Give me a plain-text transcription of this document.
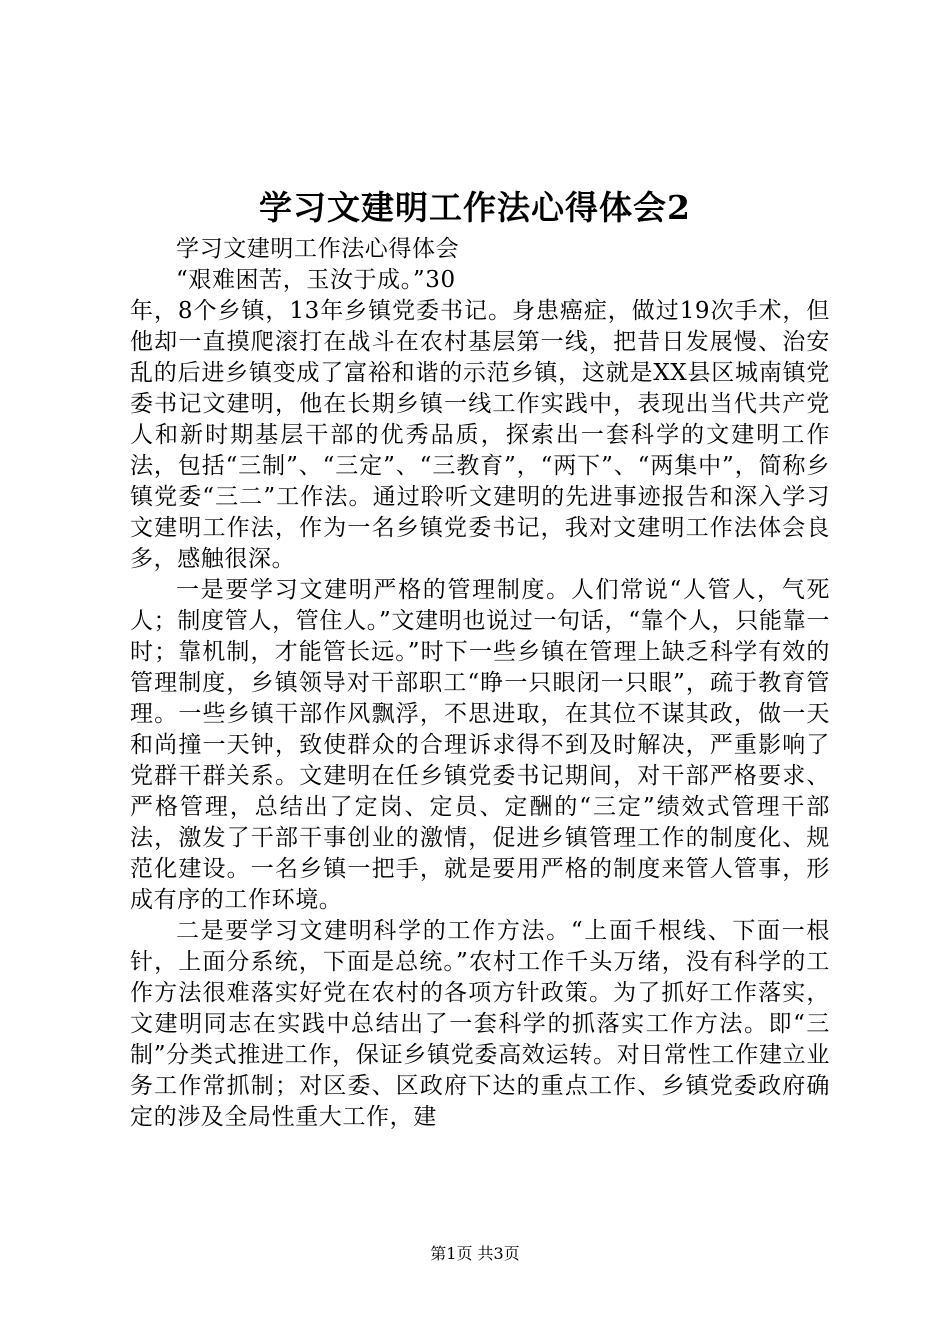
学习文建明工作法心得体会2

学习文建明工作法心得体会

“艰难困苦，玉汝于成。”30

年，8个乡镇，13年乡镇党委书记。身患癌症，做过19次手术，但他却一直摸爬滚打在战斗在农村基层第一线，把昔日发展慢、治安乱的后进乡镇变成了富裕和谐的示范乡镇，这就是XX县区城南镇党委书记文建明，他在长期乡镇一线工作实践中，表现出当代共产党人和新时期基层干部的优秀品质，探索出一套科学的文建明工作法，包括“三制”、“三定”、“三教育”，“两下”、“两集中”，简称乡镇党委“三二”工作法。通过聆听文建明的先进事迹报告和深入学习文建明工作法，作为一名乡镇党委书记，我对文建明工作法体会良多，感触很深。

一是要学习文建明严格的管理制度。人们常说“人管人，气死人；制度管人，管住人。”文建明也说过一句话，“靠个人，只能靠一时；靠机制，才能管长远。”时下一些乡镇在管理上缺乏科学有效的管理制度，乡镇领导对干部职工“睁一只眼闭一只眼”，疏于教育管理。一些乡镇干部作风飘浮，不思进取，在其位不谋其政，做一天和尚撞一天钟，致使群众的合理诉求得不到及时解决，严重影响了党群干群关系。文建明在任乡镇党委书记期间，对干部严格要求、严格管理，总结出了定岗、定员、定酬的“三定”绩效式管理干部法，激发了干部干事创业的激情，促进乡镇管理工作的制度化、规范化建设。一名乡镇一把手，就是要用严格的制度来管人管事，形成有序的工作环境。

二是要学习文建明科学的工作方法。“上面千根线、下面一根针，上面分系统，下面是总统。”农村工作千头万绪，没有科学的工作方法很难落实好党在农村的各项方针政策。为了抓好工作落实，文建明同志在实践中总结出了一套科学的抓落实工作方法。即“三制”分类式推进工作，保证乡镇党委高效运转。对日常性工作建立业务工作常抓制；对区委、区政府下达的重点工作、乡镇党委政府确定的涉及全局性重大工作，建

第1页 共3页
